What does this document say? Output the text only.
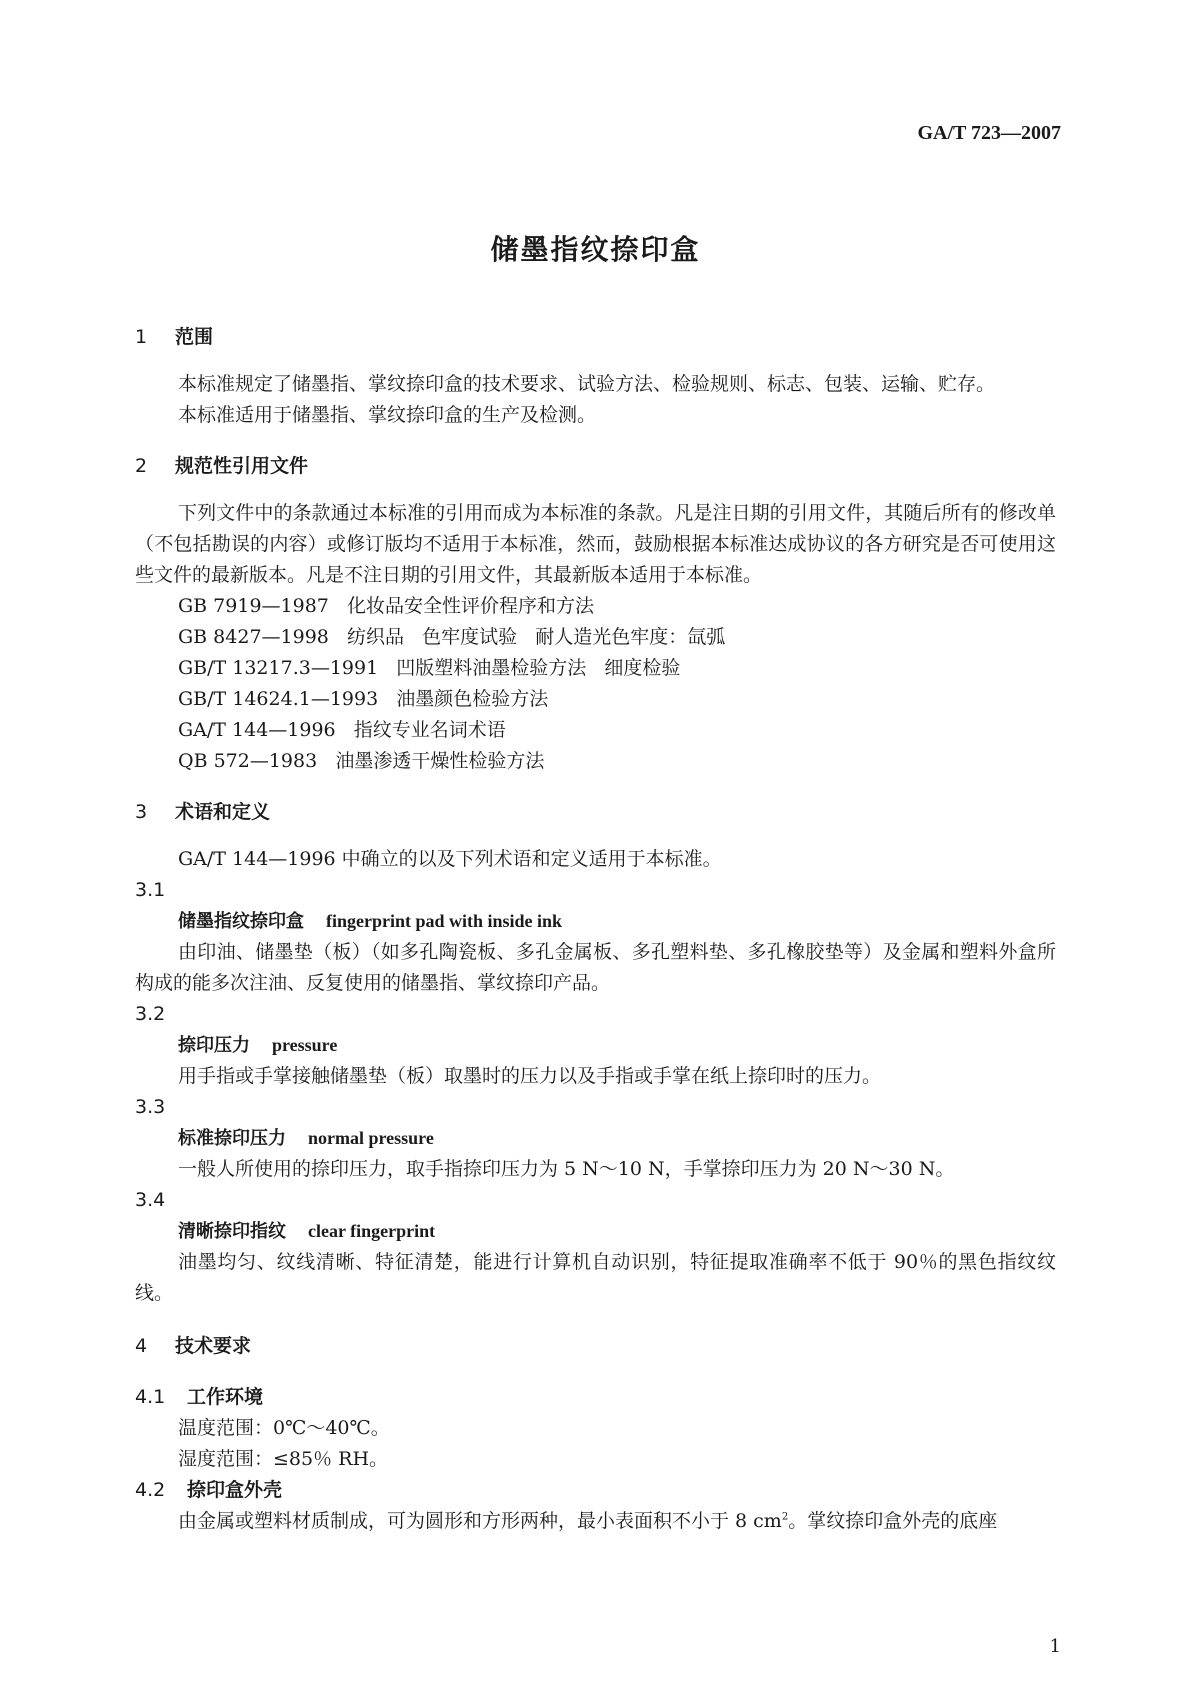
GA/T 723—2007
储墨指纹捺印盒

1 范围

本标准规定了储墨指、掌纹捺印盒的技术要求、试验方法、检验规则、标志、包装、运输、贮存。

本标准适用于储墨指、掌纹捺印盒的生产及检测。

2 规范性引用文件

下列文件中的条款通过本标准的引用而成为本标准的条款。凡是注日期的引用文件，其随后所有的修改单（不包括勘误的内容）或修订版均不适用于本标准，然而，鼓励根据本标准达成协议的各方研究是否可使用这些文件的最新版本。凡是不注日期的引用文件，其最新版本适用于本标准。

GB 7919—1987   化妆品安全性评价程序和方法

GB 8427—1998   纺织品   色牢度试验   耐人造光色牢度：氙弧

GB/T 13217.3—1991   凹版塑料油墨检验方法   细度检验

GB/T 14624.1—1993   油墨颜色检验方法

GA/T 144—1996   指纹专业名词术语

QB 572—1983   油墨渗透干燥性检验方法

3 术语和定义

GA/T 144—1996 中确立的以及下列术语和定义适用于本标准。

3.1

储墨指纹捺印盒 fingerprint pad with inside ink

由印油、储墨垫（板）（如多孔陶瓷板、多孔金属板、多孔塑料垫、多孔橡胶垫等）及金属和塑料外盒所构成的能多次注油、反复使用的储墨指、掌纹捺印产品。

3.2

捺印压力 pressure

用手指或手掌接触储墨垫（板）取墨时的压力以及手指或手掌在纸上捺印时的压力。

3.3

标准捺印压力 normal pressure

一般人所使用的捺印压力，取手指捺印压力为 5 N～10 N，手掌捺印压力为 20 N～30 N。

3.4

清晰捺印指纹 clear fingerprint

油墨均匀、纹线清晰、特征清楚，能进行计算机自动识别，特征提取准确率不低于 90％的黑色指纹纹线。

4 技术要求

4.1 工作环境

温度范围：0℃～40℃。

湿度范围：≤85％ RH。

4.2 捺印盒外壳

由金属或塑料材质制成，可为圆形和方形两种，最小表面积不小于 8 $cm^2$。掌纹捺印盒外壳的底座

1
